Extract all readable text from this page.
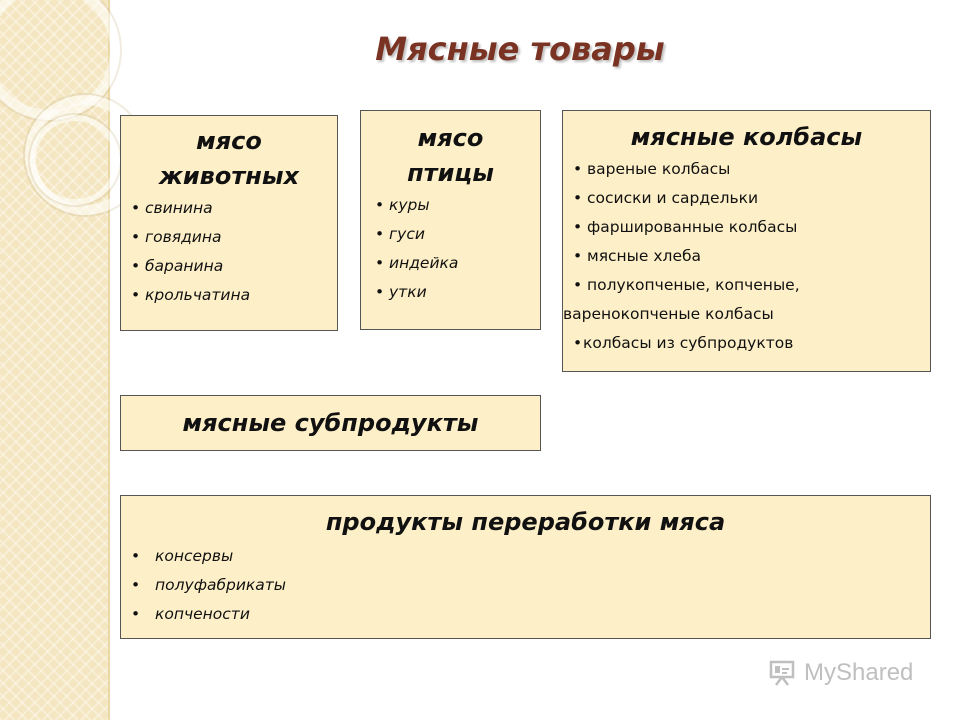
Мясные товары
мясо
животных
• свинина
• говядина
• баранина
• крольчатина
мясо
птицы
• куры
• гуси
• индейка
• утки
мясные колбасы
• вареные колбасы
• сосиски и сардельки
• фаршированные колбасы
• мясные хлеба
• полукопченые, копченые,
варенокопченые колбасы
• колбасы из субпродуктов
мясные субпродукты
продукты переработки мяса
• консервы
• полуфабрикаты
• копчености
MyShared
